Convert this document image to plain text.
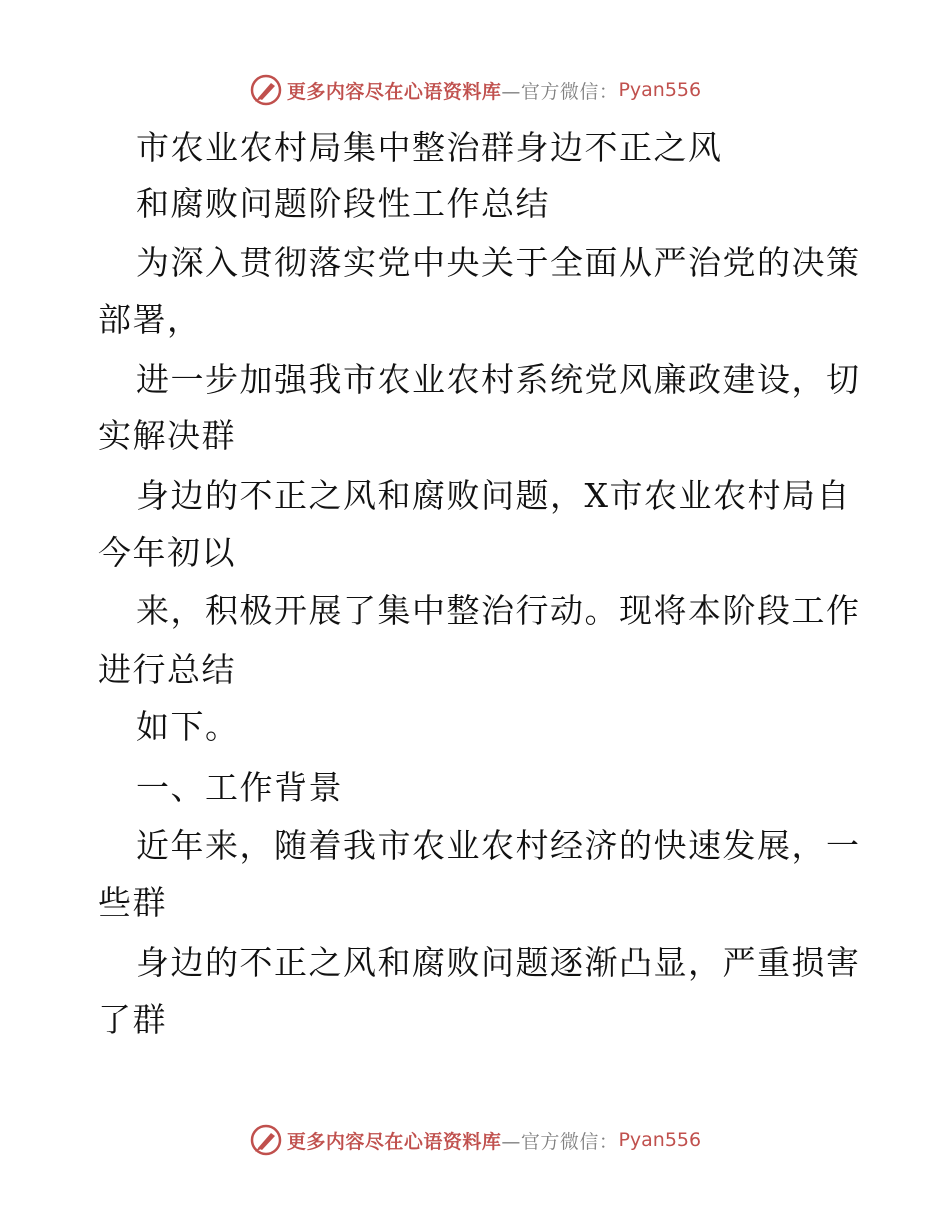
更多内容尽在心语资料库 —官方微信： Pyan556
市农业农村局集中整治群身边不正之风
和腐败问题阶段性工作总结
为深入贯彻落实党中央关于全面从严治党的决策
部署，
进一步加强我市农业农村系统党风廉政建设，切
实解决群
身边的不正之风和腐败问题，X市农业农村局自
今年初以
来，积极开展了集中整治行动。现将本阶段工作
进行总结
如下。
一、工作背景
近年来，随着我市农业农村经济的快速发展，一
些群
身边的不正之风和腐败问题逐渐凸显，严重损害
了群
更多内容尽在心语资料库 —官方微信： Pyan556
